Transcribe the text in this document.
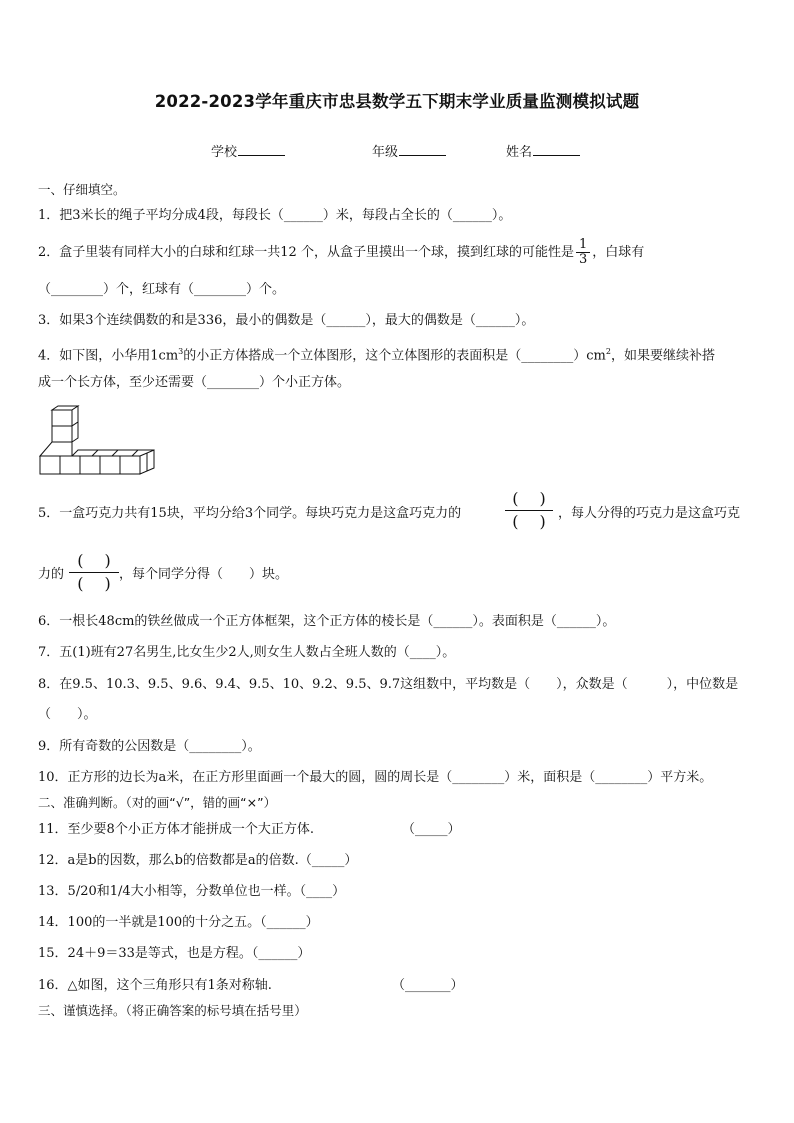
2022-2023学年重庆市忠县数学五下期末学业质量监测模拟试题
学校	年级	姓名
一、仔细填空。
1．把3米长的绳子平均分成4段，每段长（______）米，每段占全长的（______）。
2．盒子里装有同样大小的白球和红球一共12 个，从盒子里摸出一个球，摸到红球的可能性是 $\frac{1}{3}$ ，白球有
（________）个，红球有（________）个。
3．如果3个连续偶数的和是336，最小的偶数是（______），最大的偶数是（______）。
4．如下图，小华用$1cm^3$的小正方体搭成一个立体图形，这个立体图形的表面积是$(\_\_\_\_\_\_\_\_)cm^2$，如果要继续补搭
成一个长方体，至少还需要（________）个小正方体。
5．一盒巧克力共有15块，平均分给3个同学。每块巧克力是这盒巧克力的
(　 )
(　 ) ，每人分得的巧克力是这盒巧克
力的
(　 )
(　 ) ，每个同学分得（　　）块。
6．一根长48cm的铁丝做成一个正方体框架，这个正方体的棱长是（______）。表面积是（______）。
7．五(1)班有27名男生,比女生少2人,则女生人数占全班人数的（____）。
8．在9.5、10.3、9.5、9.6、9.4、9.5、10、9.2、9.5、9.7这组数中，平均数是（　　），众数是（　　　），中位数是
（　　）。
9．所有奇数的公因数是（________）。
10．正方形的边长为a米，在正方形里面画一个最大的圆，圆的周长是（________）米，面积是（________）平方米。
二、准确判断。（对的画“√”，错的画“×”）
11．至少要8个小正方体才能拼成一个大正方体.	（_____）
12．a是b的因数，那么b的倍数都是a的倍数.（_____）
13．5/20和1/4大小相等，分数单位也一样。（____）
14．100的一半就是100的十分之五。（______）
15．24＋9＝33是等式，也是方程。（______）
16．△如图，这个三角形只有1条对称轴.	（_______）
三、谨慎选择。（将正确答案的标号填在括号里）
